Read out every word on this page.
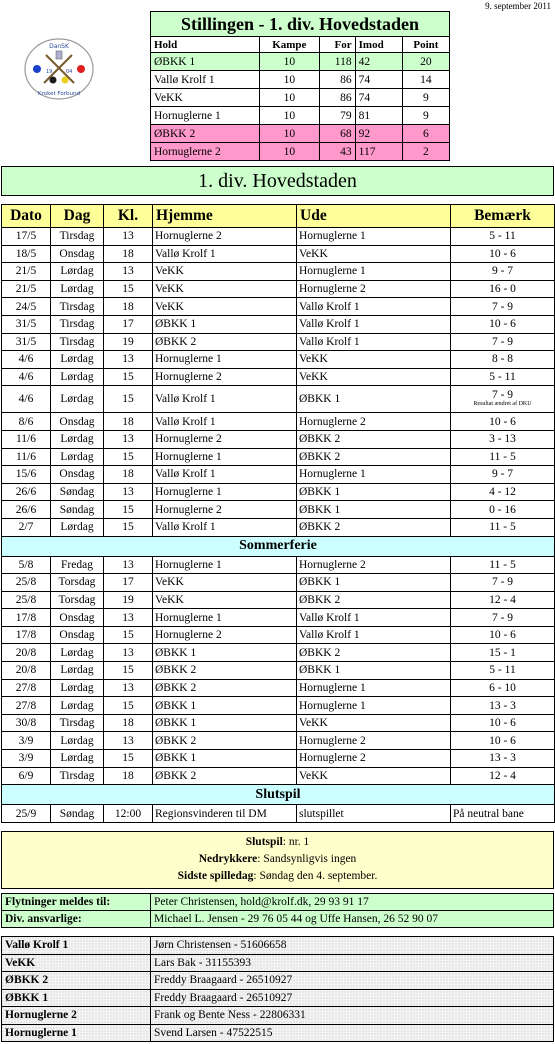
9. september 2011
DanSK
19	04
Kroket Forbund
Stillingen - 1. div. Hovedstaden				
Hold	Kampe	For	Imod	Point
ØBKK 1	10	118	42	20
Vallø Krolf 1	10	86	74	14
VeKK	10	86	74	9
Hornuglerne 1	10	79	81	9
ØBKK 2	10	68	92	6
Hornuglerne 2	10	43	117	2
1. div. Hovedstaden
Dato	Dag	Kl.	Hjemme	Ude	Bemærk
17/5	Tirsdag	13	Hornuglerne 2	Hornuglerne 1	5 - 11
18/5	Onsdag	18	Vallø Krolf 1	VeKK	10 - 6
21/5	Lørdag	13	VeKK	Hornuglerne 1	9 - 7
21/5	Lørdag	15	VeKK	Hornuglerne 2	16 - 0
24/5	Tirsdag	18	VeKK	Vallø Krolf 1	7 - 9
31/5	Tirsdag	17	ØBKK 1	Vallø Krolf 1	10 - 6
31/5	Tirsdag	19	ØBKK 2	Vallø Krolf 1	7 - 9
4/6	Lørdag	13	Hornuglerne 1	VeKK	8 - 8
4/6	Lørdag	15	Hornuglerne 2	VeKK	5 - 11
4/6	Lørdag	15	Vallø Krolf 1	ØBKK 1	7 - 9
Resultat ændret af DKU

8/6	Onsdag	18	Vallø Krolf 1	Hornuglerne 2	10 - 6
11/6	Lørdag	13	Hornuglerne 2	ØBKK 2	3 - 13
11/6	Lørdag	15	Hornuglerne 1	ØBKK 2	11 - 5
15/6	Onsdag	18	Vallø Krolf 1	Hornuglerne 1	9 - 7
26/6	Søndag	13	Hornuglerne 1	ØBKK 1	4 - 12
26/6	Søndag	15	Hornuglerne 2	ØBKK 1	0 - 16
2/7	Lørdag	15	Vallø Krolf 1	ØBKK 2	11 - 5
Sommerferie					
5/8	Fredag	13	Hornuglerne 1	Hornuglerne 2	11 - 5
25/8	Torsdag	17	VeKK	ØBKK 1	7 - 9
25/8	Torsdag	19	VeKK	ØBKK 2	12 - 4
17/8	Onsdag	13	Hornuglerne 1	Vallø Krolf 1	7 - 9
17/8	Onsdag	15	Hornuglerne 2	Vallø Krolf 1	10 - 6
20/8	Lørdag	13	ØBKK 1	ØBKK 2	15 - 1
20/8	Lørdag	15	ØBKK 2	ØBKK 1	5 - 11
27/8	Lørdag	13	ØBKK 2	Hornuglerne 1	6 - 10
27/8	Lørdag	15	ØBKK 1	Hornuglerne 1	13 - 3
30/8	Tirsdag	18	ØBKK 1	VeKK	10 - 6
3/9	Lørdag	13	ØBKK 2	Hornuglerne 2	10 - 6
3/9	Lørdag	15	ØBKK 1	Hornuglerne 2	13 - 3
6/9	Tirsdag	18	ØBKK 2	VeKK	12 - 4
Slutspil					
25/9	Søndag	12:00	Regionsvinderen til DM	slutspillet	På neutral bane
Slutspil: nr. 1
Nedrykkere: Sandsynligvis ingen
Sidste spilledag: Søndag den 4. september.
Flytninger meldes til:	Peter Christensen, hold@krolf.dk, 29 93 91 17
Div. ansvarlige:	Michael L. Jensen - 29 76 05 44 og Uffe Hansen, 26 52 90 07
Vallø Krolf 1	Jørn Christensen - 51606658
VeKK	Lars Bak - 31155393
ØBKK 2	Freddy Braagaard - 26510927
ØBKK 1	Freddy Braagaard - 26510927
Hornuglerne 2	Frank og Bente Ness - 22806331
Hornuglerne 1	Svend Larsen - 47522515
